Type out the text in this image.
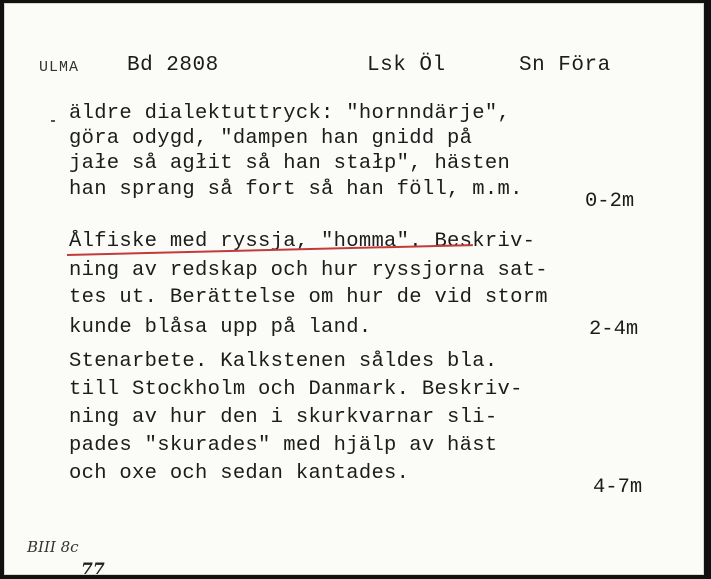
ULMA Bd 2808	Lsk Öl	Sn Föra
äldre dialektuttryck: "hornndärje",
göra odygd, "dampen han gnidd på
jałe så agłit så han stałp", hästen
han sprang så fort så han föll, m.m.
0-2m
Ålfiske med ryssja, "homma". Beskriv-
ning av redskap och hur ryssjorna sat-
tes ut. Berättelse om hur de vid storm
kunde blåsa upp på land.	2-4m
Stenarbete. Kalkstenen såldes bla.
till Stockholm och Danmark. Beskriv-
ning av hur den i skurkvarnar sli-
pades "skurades" med hjälp av häst
och oxe och sedan kantades.
4-7m
BIII 8c
77
